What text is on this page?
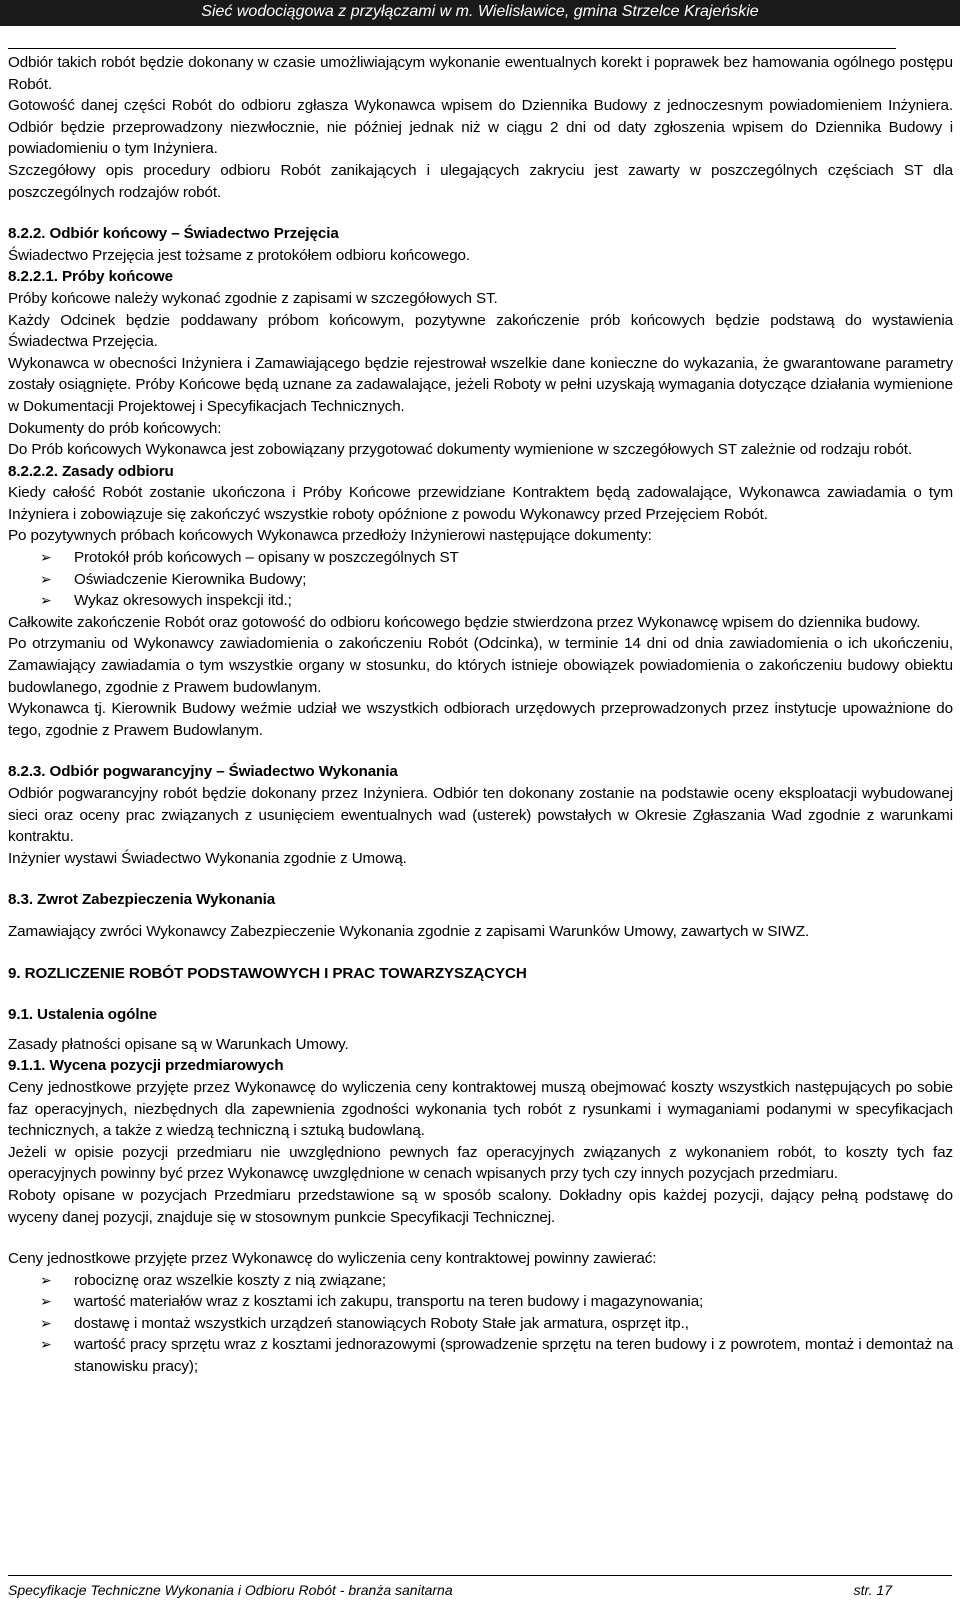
Sieć wodociągowa z przyłączami w m. Wielisławice, gmina Strzelce Krajeńskie

Odbiór takich robót będzie dokonany w czasie umożliwiającym wykonanie ewentualnych korekt i poprawek bez hamowania ogólnego postępu Robót.

Gotowość danej części Robót do odbioru zgłasza Wykonawca wpisem do Dziennika Budowy z jednoczesnym powiadomieniem Inżyniera. Odbiór będzie przeprowadzony niezwłocznie, nie później jednak niż w ciągu 2 dni od daty zgłoszenia wpisem do Dziennika Budowy i powiadomieniu o tym Inżyniera.

Szczegółowy opis procedury odbioru Robót zanikających i ulegających zakryciu jest zawarty w poszczególnych częściach ST dla poszczególnych rodzajów robót.

8.2.2. Odbiór końcowy – Świadectwo Przejęcia

Świadectwo Przejęcia jest tożsame z protokółem odbioru końcowego.

8.2.2.1. Próby końcowe

Próby końcowe należy wykonać zgodnie z zapisami w szczegółowych ST.

Każdy Odcinek będzie poddawany próbom końcowym, pozytywne zakończenie prób końcowych będzie podstawą do wystawienia Świadectwa Przejęcia.

Wykonawca w obecności Inżyniera i Zamawiającego będzie rejestrował wszelkie dane konieczne do wykazania, że gwarantowane parametry zostały osiągnięte. Próby Końcowe będą uznane za zadawalające, jeżeli Roboty w pełni uzyskają wymagania dotyczące działania wymienione w Dokumentacji Projektowej i Specyfikacjach Technicznych.

Dokumenty do prób końcowych:

Do Prób końcowych Wykonawca jest zobowiązany przygotować dokumenty wymienione w szczegółowych ST zależnie od rodzaju robót.

8.2.2.2. Zasady odbioru

Kiedy całość Robót zostanie ukończona i Próby Końcowe przewidziane Kontraktem będą zadowalające, Wykonawca zawiadamia o tym Inżyniera i zobowiązuje się zakończyć wszystkie roboty opóźnione z powodu Wykonawcy przed Przejęciem Robót.

Po pozytywnych próbach końcowych Wykonawca przedłoży Inżynierowi następujące dokumenty:

➢ Protokół prób końcowych – opisany w poszczególnych ST
➢ Oświadczenie Kierownika Budowy;
➢ Wykaz okresowych inspekcji itd.;

Całkowite zakończenie Robót oraz gotowość do odbioru końcowego będzie stwierdzona przez Wykonawcę wpisem do dziennika budowy.

Po otrzymaniu od Wykonawcy zawiadomienia o zakończeniu Robót (Odcinka), w terminie 14 dni od dnia zawiadomienia o ich ukończeniu, Zamawiający zawiadamia o tym wszystkie organy w stosunku, do których istnieje obowiązek powiadomienia o zakończeniu budowy obiektu budowlanego, zgodnie z Prawem budowlanym.

Wykonawca tj. Kierownik Budowy weźmie udział we wszystkich odbiorach urzędowych przeprowadzonych przez instytucje upoważnione do tego, zgodnie z Prawem Budowlanym.

8.2.3. Odbiór pogwarancyjny – Świadectwo Wykonania

Odbiór pogwarancyjny robót będzie dokonany przez Inżyniera. Odbiór ten dokonany zostanie na podstawie oceny eksploatacji wybudowanej sieci oraz oceny prac związanych z usunięciem ewentualnych wad (usterek) powstałych w Okresie Zgłaszania Wad zgodnie z warunkami kontraktu.

Inżynier wystawi Świadectwo Wykonania zgodnie z Umową.

8.3. Zwrot Zabezpieczenia Wykonania

Zamawiający zwróci Wykonawcy Zabezpieczenie Wykonania zgodnie z zapisami Warunków Umowy, zawartych w SIWZ.

9. ROZLICZENIE ROBÓT PODSTAWOWYCH I PRAC TOWARZYSZĄCYCH

9.1. Ustalenia ogólne

Zasady płatności opisane są w Warunkach Umowy.

9.1.1. Wycena pozycji przedmiarowych

Ceny jednostkowe przyjęte przez Wykonawcę do wyliczenia ceny kontraktowej muszą obejmować koszty wszystkich następujących po sobie faz operacyjnych, niezbędnych dla zapewnienia zgodności wykonania tych robót z rysunkami i wymaganiami podanymi w specyfikacjach technicznych, a także z wiedzą techniczną i sztuką budowlaną.

Jeżeli w opisie pozycji przedmiaru nie uwzględniono pewnych faz operacyjnych związanych z wykonaniem robót, to koszty tych faz operacyjnych powinny być przez Wykonawcę uwzględnione w cenach wpisanych przy tych czy innych pozycjach przedmiaru.

Roboty opisane w pozycjach Przedmiaru przedstawione są w sposób scalony. Dokładny opis każdej pozycji, dający pełną podstawę do wyceny danej pozycji, znajduje się w stosownym punkcie Specyfikacji Technicznej.

Ceny jednostkowe przyjęte przez Wykonawcę do wyliczenia ceny kontraktowej powinny zawierać:

➢ robociznę oraz wszelkie koszty z nią związane;
➢ wartość materiałów wraz z kosztami ich zakupu, transportu na teren budowy i magazynowania;
➢ dostawę i montaż wszystkich urządzeń stanowiących Roboty Stałe jak armatura, osprzęt itp.,
➢ wartość pracy sprzętu wraz z kosztami jednorazowymi (sprowadzenie sprzętu na teren budowy i z powrotem, montaż i demontaż na stanowisku pracy);
Specyfikacje Techniczne Wykonania i Odbioru Robót - branża sanitarna	str. 17
